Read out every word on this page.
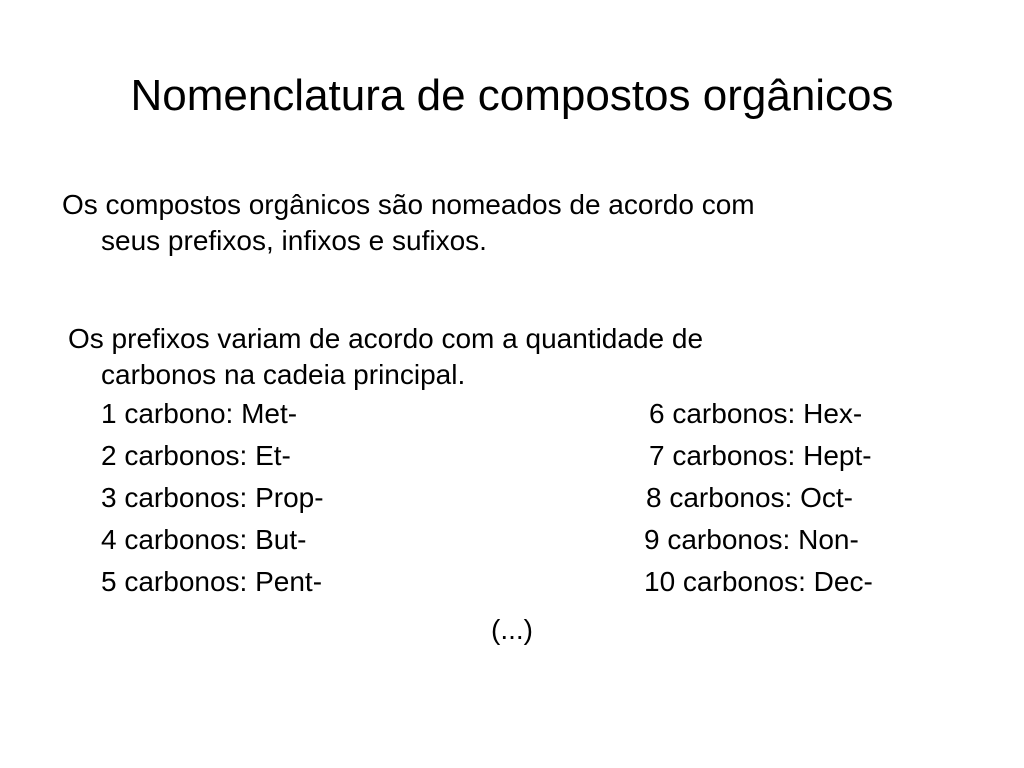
Nomenclatura de compostos orgânicos
Os compostos orgânicos são nomeados de acordo com
seus prefixos, infixos e sufixos.
Os prefixos variam de acordo com a quantidade de
carbonos na cadeia principal.
1 carbono: Met-	6 carbonos: Hex-
2 carbonos: Et-	7 carbonos: Hept-
3 carbonos: Prop-	8 carbonos: Oct-
4 carbonos: But-	9 carbonos: Non-
5 carbonos: Pent-	10 carbonos: Dec-
(...)
